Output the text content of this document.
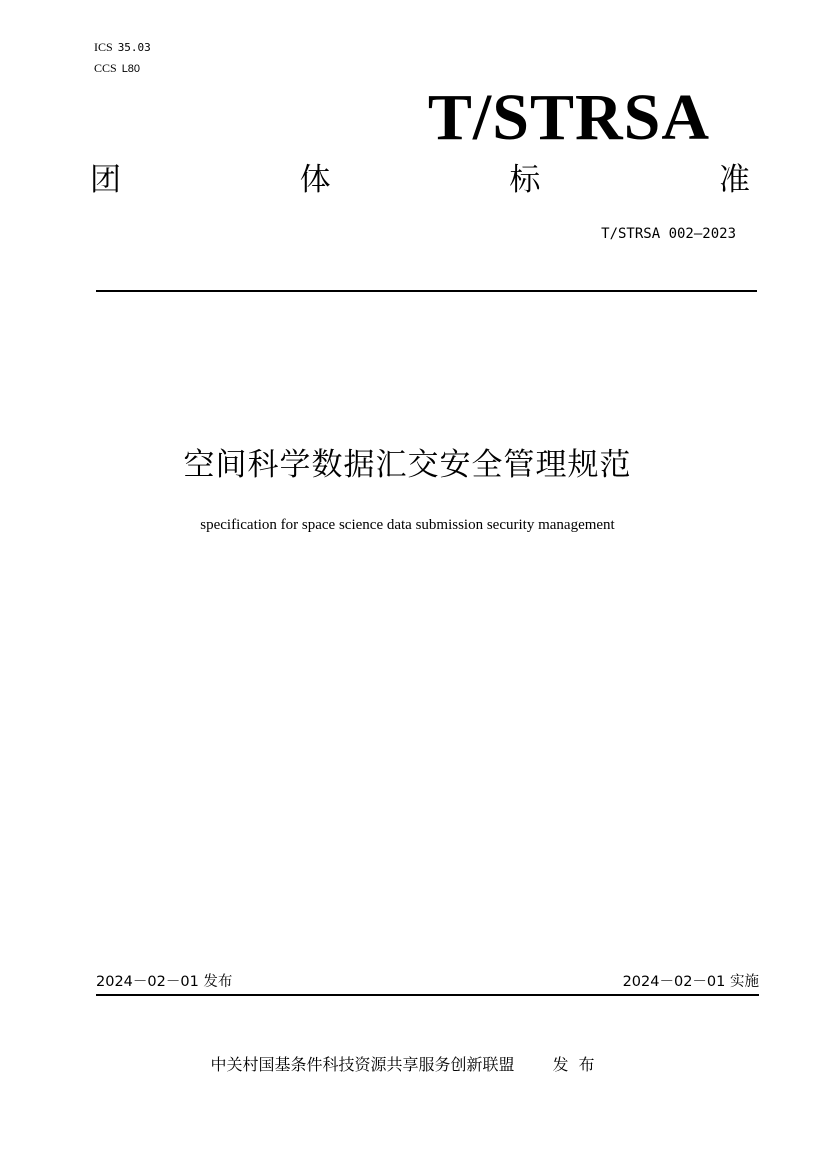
ICS 35.03
CCS L80
T/STRSA
团	体	标	准
T/STRSA 002—2023
空间科学数据汇交安全管理规范
specification for space science data submission security management
2024－02－01 发布	2024－02－01 实施
中关村国基条件科技资源共享服务创新联盟 发布
